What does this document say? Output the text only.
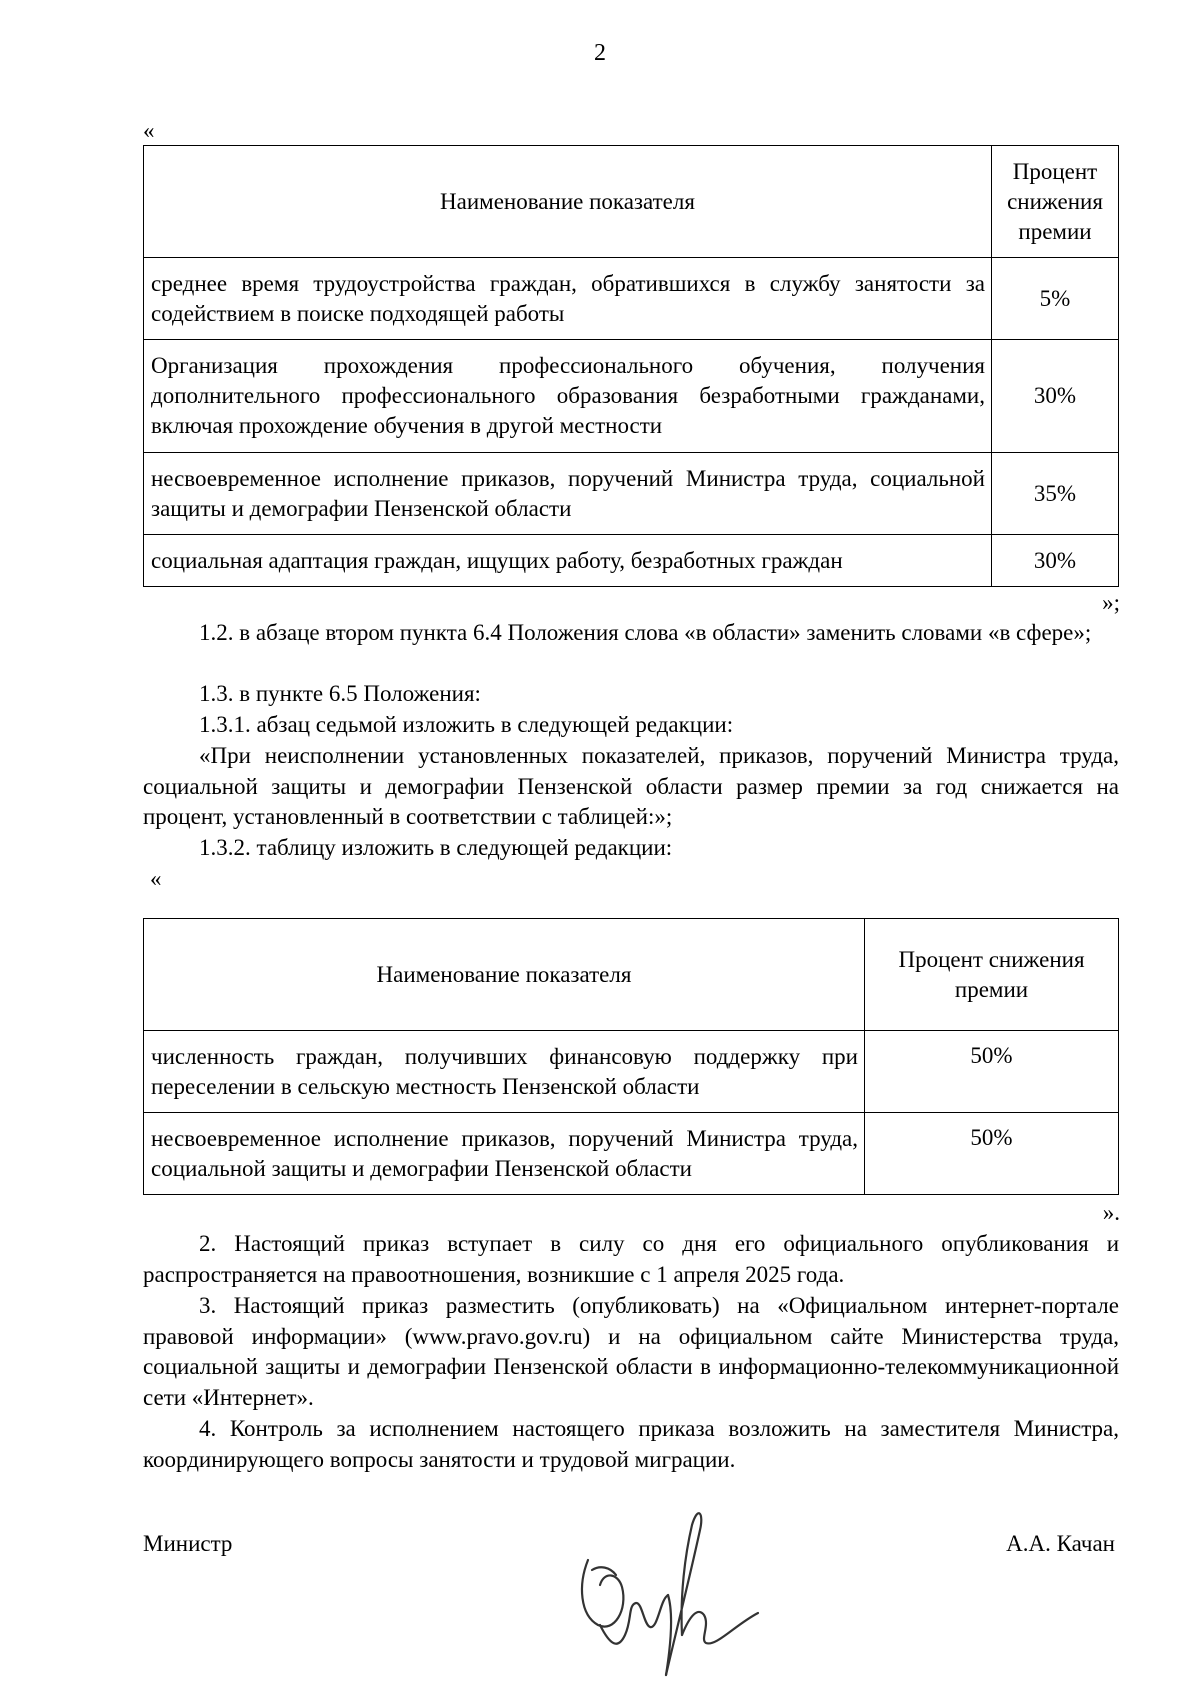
2
«
Наименование показателя	Процент снижения премии
среднее время трудоустройства граждан, обратившихся в службу занятости за содействием в поиске подходящей работы	5%
Организация прохождения профессионального обучения, получения дополнительного профессионального образования безработными гражданами, включая прохождение обучения в другой местности	30%
несвоевременное исполнение приказов, поручений Министра труда, социальной защиты и демографии Пензенской области	35%
социальная адаптация граждан, ищущих работу, безработных граждан	30%
»;

1.2. в абзаце втором пункта 6.4 Положения слова «в области» заменить словами «в сфере»;

1.3. в пункте 6.5 Положения:

1.3.1. абзац седьмой изложить в следующей редакции:

«При неисполнении установленных показателей, приказов, поручений Министра труда, социальной защиты и демографии Пензенской области размер премии за год снижается на процент, установленный в соответствии с таблицей:»;

1.3.2. таблицу изложить в следующей редакции:

«
Наименование показателя	Процент снижения премии
численность граждан, получивших финансовую поддержку при переселении в сельскую местность Пензенской области	50%
несвоевременное исполнение приказов, поручений Министра труда, социальной защиты и демографии Пензенской области	50%
».

2. Настоящий приказ вступает в силу со дня его официального опубликования и распространяется на правоотношения, возникшие с 1 апреля 2025 года.

3. Настоящий приказ разместить (опубликовать) на «Официальном интернет-портале правовой информации» (www.pravo.gov.ru) и на официальном сайте Министерства труда, социальной защиты и демографии Пензенской области в информационно-телекоммуникационной сети «Интернет».

4. Контроль за исполнением настоящего приказа возложить на заместителя Министра, координирующего вопросы занятости и трудовой миграции.

Министр	А.А. Качан
